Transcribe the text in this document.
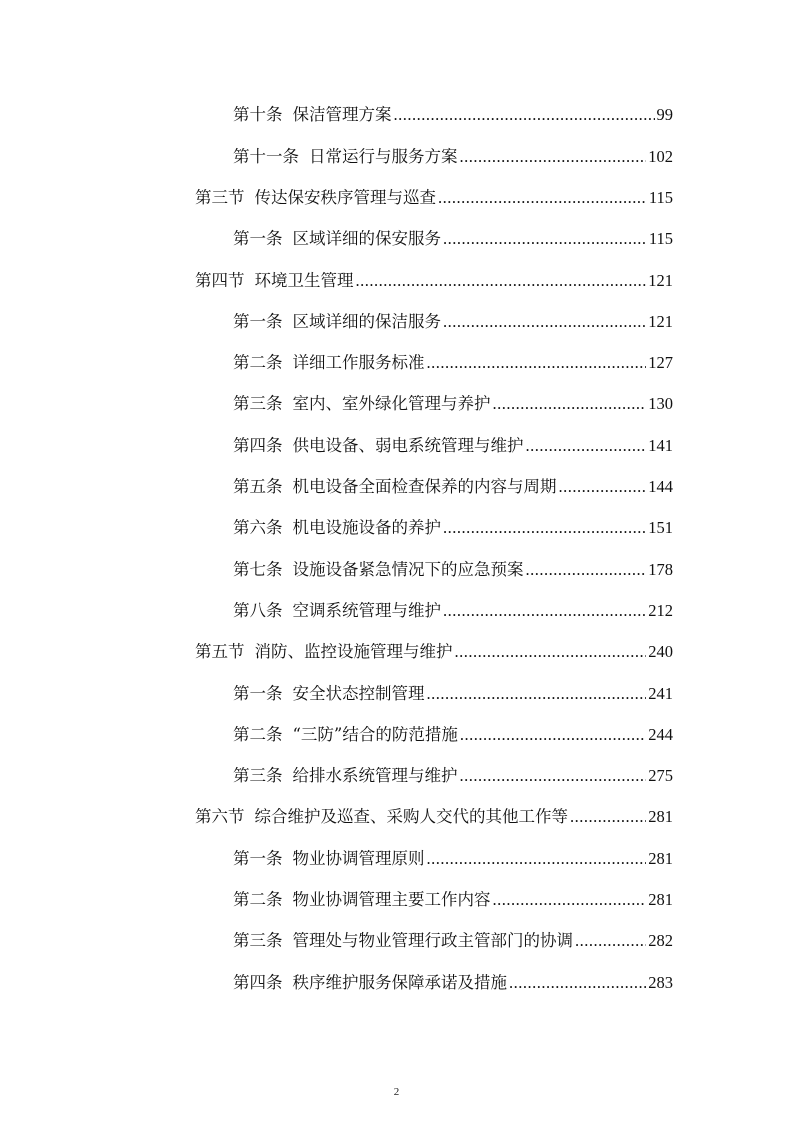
第十条 保洁管理方案 .....	99
第十一条 日常运行与服务方案 .....	102
第三节 传达保安秩序管理与巡查 .....	115
第一条 区域详细的保安服务 .....	115
第四节 环境卫生管理 .....	121
第一条 区域详细的保洁服务 .....	121
第二条 详细工作服务标准 .....	127
第三条 室内、室外绿化管理与养护 .....	130
第四条 供电设备、弱电系统管理与维护 .....	141
第五条 机电设备全面检查保养的内容与周期 .....	144
第六条 机电设施设备的养护 .....	151
第七条 设施设备紧急情况下的应急预案 .....	178
第八条 空调系统管理与维护 .....	212
第五节 消防、监控设施管理与维护 .....	240
第一条 安全状态控制管理 .....	241
第二条 “三防”结合的防范措施 .....	244
第三条 给排水系统管理与维护 .....	275
第六节 综合维护及巡查、采购人交代的其他工作等 .....	281
第一条 物业协调管理原则 .....	281
第二条 物业协调管理主要工作内容 .....	281
第三条 管理处与物业管理行政主管部门的协调 .....	282
第四条 秩序维护服务保障承诺及措施 .....	283
2
